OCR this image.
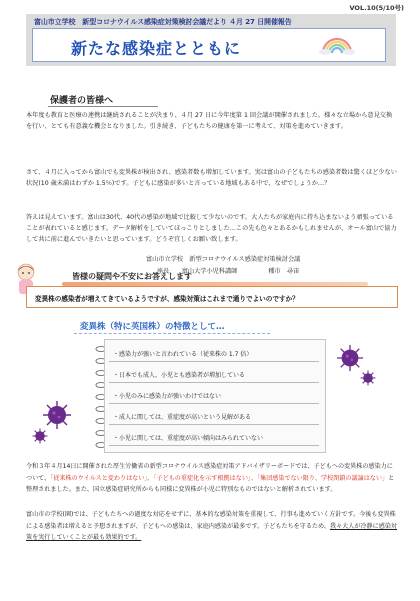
VOL.10(5/10号)
富山市立学校　新型コロナウイルス感染症対策検討会議だより ４月 27 日開催報告
新たな感染症とともに
保護者の皆様へ

本年度も教育と医療の連携は継続されることが決まり、４月 27 日に今年度第 1 回会議が開催されました。様々な立場から意見交換を行い、とても有意義な機会となりました。引き続き、子どもたちの健康を第一に考えて、対策を進めていきます。

さて、４月に入ってから富山でも変異株が検出され、感染者数も増加しています。実は富山の子どもたちの感染者数は驚くほど少ない状況(10 歳未満はわずか 1.5％)です。子どもに感染が多いと言っている地域もある中で、なぜでしょうか…？

答えは見えています。富山は30代、40代の感染が地域で比較して少ないのです。大人たちが家庭内に持ち込まないよう頑張っていることが表れていると感じます。データ解析をしていてほっこりとしました…この先も色々とあるかもしれませんが、オール富山で協力して共に前に進んでいきたいと思っています。どうぞ宜しくお願い致します。

富山市立学校　新型コロナウイルス感染症対策検討会議
座長　　富山大学小児科講師　　　　　種市　尋宙
皆様の疑問や不安にお答えします
変異株の感染者が増えてきているようですが、感染対策はこれまで通りでよいのですか？
変異株（特に英国株）の特徴として…
・感染力が強いと言われている（従来株の 1.7 倍）
・日本でも成人、小児とも感染者が増加している
・小児のみに感染力が強いわけではない
・成人に関しては、重症度が高いという見解がある
・小児に関しては、重症度が高い傾向はみられていない

令和３年４月14日に開催された厚生労働省の新型コロナウイルス感染症対策アドバイザリーボードでは、子どもへの変異株の感染力について、「従来株のウイルスと変わりはない」、「子どもの重症化を示す根拠はない」、「集団感染でない限り、学校閉鎖の議論はない」と整理されました。また、国立感染症研究所からも同様に変異株が小児に特別なものではないと解析されています。

富山市の学校(園)では、子どもたちへの過度な対応をせずに、基本的な感染対策を重視して、行事も進めていく方針です。今後も変異株による感染者は増えると予想されますが、子どもへの感染は、家庭内感染が最多です。子どもたちを守るため、我々大人が冷静に感染対策を実行していくことが最も効果的です。
